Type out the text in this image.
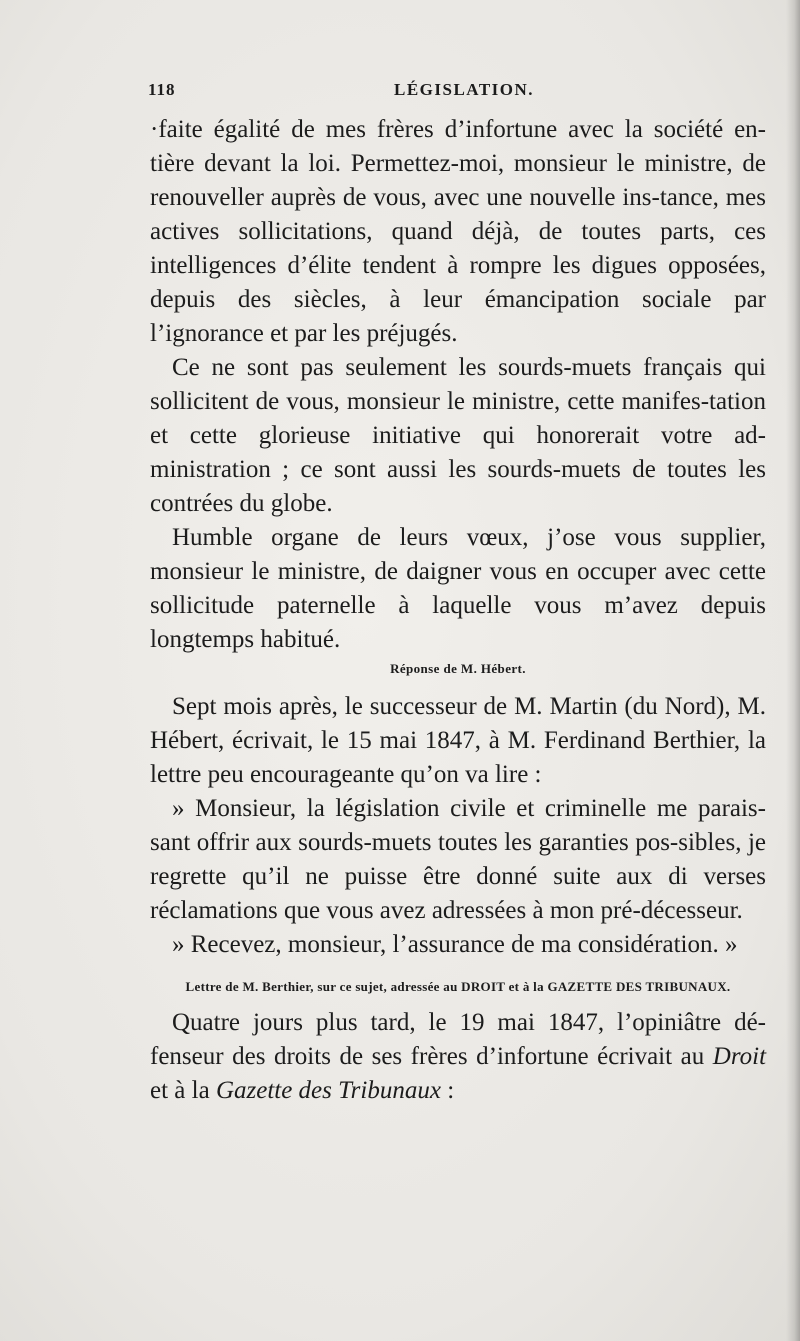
118	LÉGISLATION.

·faite égalité de mes frères d’infortune avec la société en-tière devant la loi. Permettez-moi, monsieur le ministre, de renouveller auprès de vous, avec une nouvelle ins-tance, mes actives sollicitations, quand déjà, de toutes parts, ces intelligences d’élite tendent à rompre les digues opposées, depuis des siècles, à leur émancipation sociale par l’ignorance et par les préjugés.

Ce ne sont pas seulement les sourds-muets français qui sollicitent de vous, monsieur le ministre, cette manifes-tation et cette glorieuse initiative qui honorerait votre ad-ministration ; ce sont aussi les sourds-muets de toutes les contrées du globe.

Humble organe de leurs vœux, j’ose vous supplier, monsieur le ministre, de daigner vous en occuper avec cette sollicitude paternelle à laquelle vous m’avez depuis longtemps habitué.

Réponse de M. Hébert.

Sept mois après, le successeur de M. Martin (du Nord), M. Hébert, écrivait, le 15 mai 1847, à M. Ferdinand Berthier, la lettre peu encourageante qu’on va lire :

» Monsieur, la législation civile et criminelle me parais-sant offrir aux sourds-muets toutes les garanties pos-sibles, je regrette qu’il ne puisse être donné suite aux di verses réclamations que vous avez adressées à mon pré-décesseur.

» Recevez, monsieur, l’assurance de ma considération. »

Lettre de M. Berthier, sur ce sujet, adressée au DROIT et à la GAZETTE DES TRIBUNAUX.

Quatre jours plus tard, le 19 mai 1847, l’opiniâtre dé-fenseur des droits de ses frères d’infortune écrivait au Droit et à la Gazette des Tribunaux :
